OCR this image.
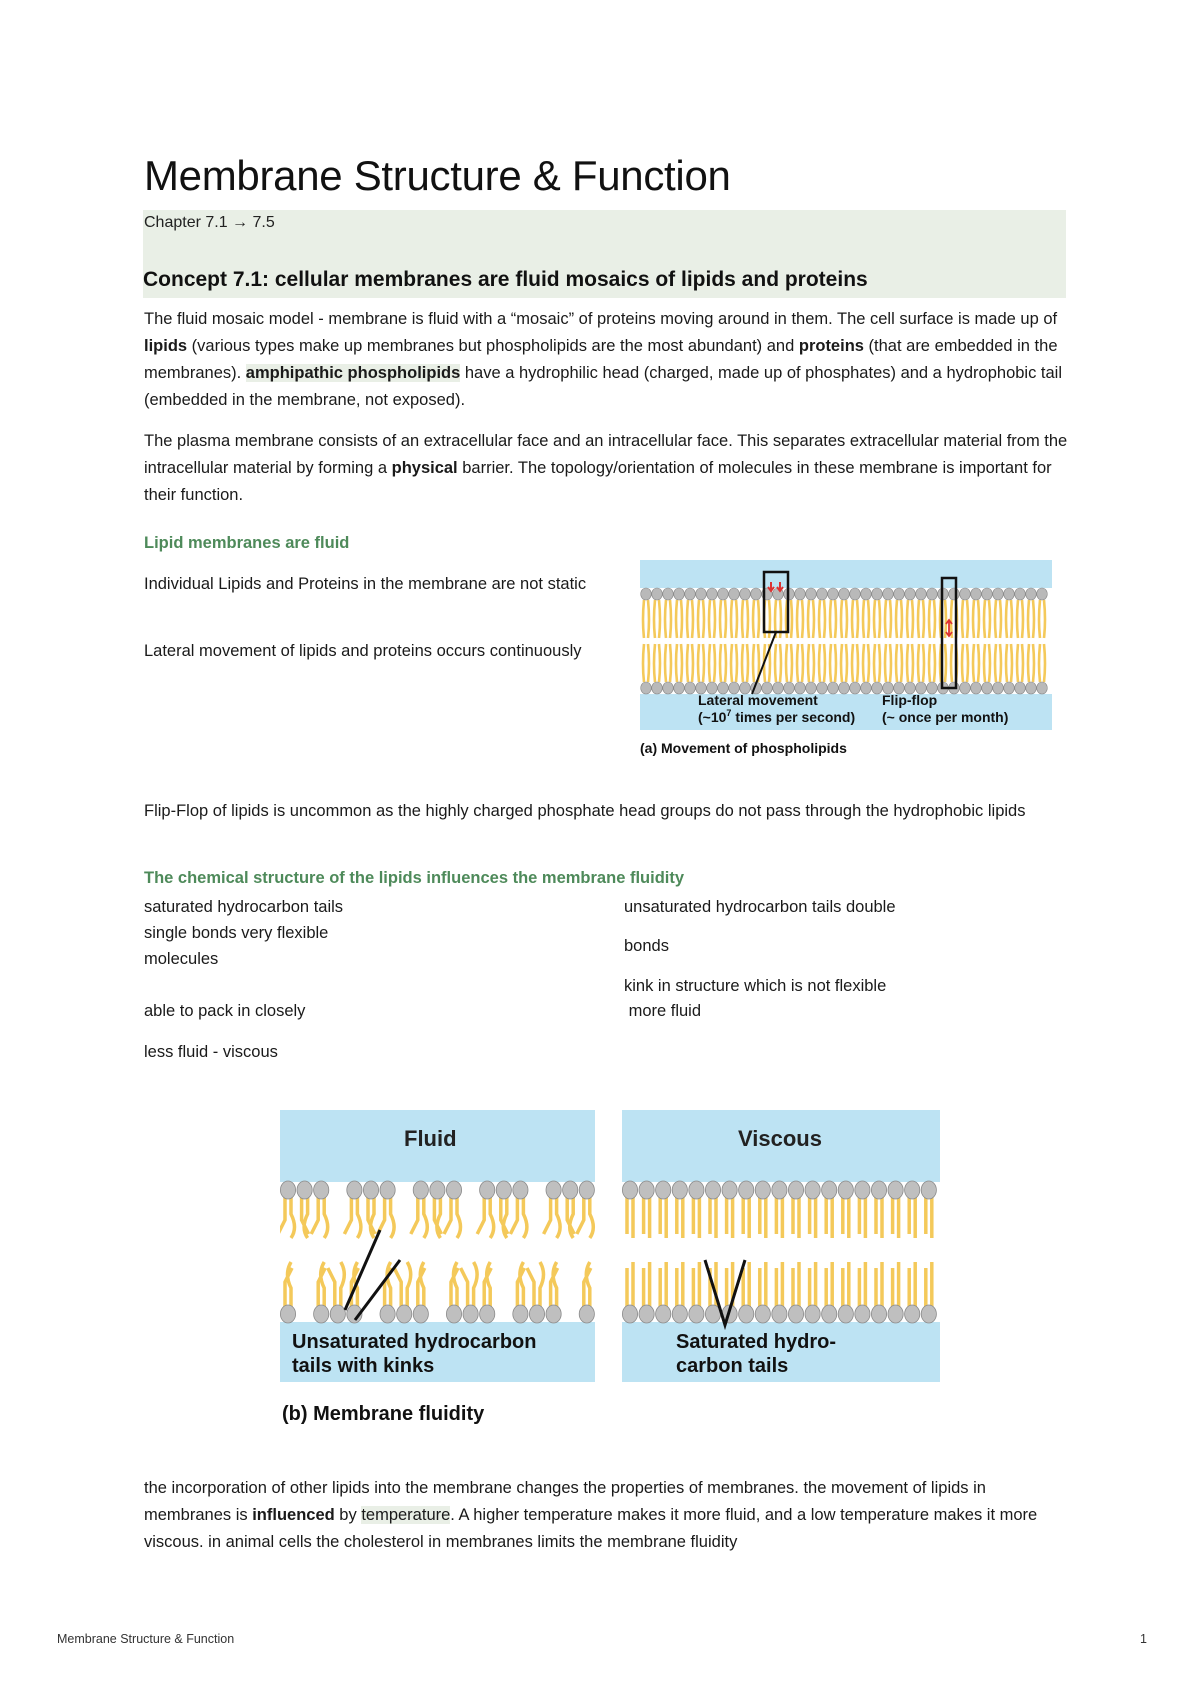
Membrane Structure & Function
Chapter 7.1 → 7.5
Concept 7.1: cellular membranes are fluid mosaics of lipids and proteins
The fluid mosaic model - membrane is fluid with a “mosaic” of proteins moving around in them. The cell surface is made up of lipids (various types make up membranes but phospholipids are the most abundant) and proteins (that are embedded in the membranes). amphipathic phospholipids have a hydrophilic head (charged, made up of phosphates) and a hydrophobic tail (embedded in the membrane, not exposed).
The plasma membrane consists of an extracellular face and an intracellular face. This separates extracellular material from the intracellular material by forming a physical barrier. The topology/orientation of molecules in these membrane is important for their function.
Lipid membranes are fluid
Individual Lipids and Proteins in the membrane are not static
Lateral movement of lipids and proteins occurs continuously
Lateral movement
($\sim 10^7$ times per second)
Flip-flop
(~ once per month)
(a) Movement of phospholipids
Flip-Flop of lipids is uncommon as the highly charged phosphate head groups do not pass through the hydrophobic lipids
The chemical structure of the lipids influences the membrane fluidity
saturated hydrocarbon tails
single bonds very flexible
molecules
able to pack in closely
less fluid - viscous
unsaturated hydrocarbon tails double
bonds
kink in structure which is not flexible
more fluid
Fluid	Viscous
Unsaturated hydrocarbon
tails with kinks
Saturated hydro-
carbon tails
(b) Membrane fluidity
the incorporation of other lipids into the membrane changes the properties of membranes. the movement of lipids in membranes is influenced by temperature. A higher temperature makes it more fluid, and a low temperature makes it more viscous. in animal cells the cholesterol in membranes limits the membrane fluidity
Membrane Structure & Function	1
